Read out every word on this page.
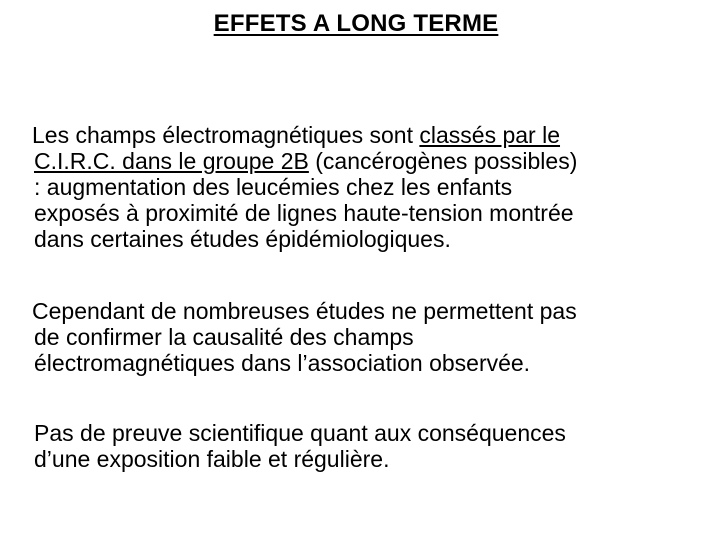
EFFETS A LONG TERME
Les champs électromagnétiques sont classés par le
C.I.R.C. dans le groupe 2B (cancérogènes possibles)
: augmentation des leucémies chez les enfants
exposés à proximité de lignes haute-tension montrée
dans certaines études épidémiologiques.
Cependant de nombreuses études ne permettent pas
de confirmer la causalité des champs
électromagnétiques dans l’association observée.
Pas de preuve scientifique quant aux conséquences
d’une exposition faible et régulière.
